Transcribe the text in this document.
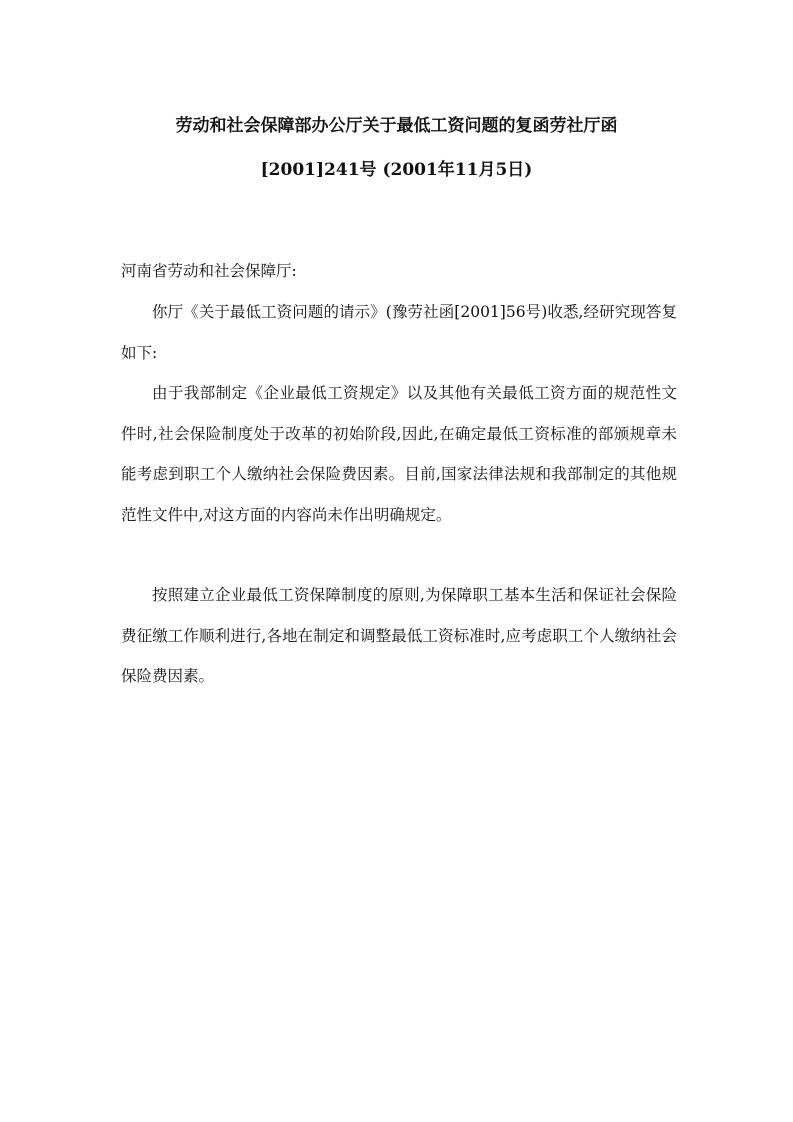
劳动和社会保障部办公厅关于最低工资问题的复函劳社厅函
[2001]241号 (2001年11月5日)

河南省劳动和社会保障厅:

你厅《关于最低工资问题的请示》(豫劳社函[2001]56号)收悉,经研究现答复如下:

由于我部制定《企业最低工资规定》以及其他有关最低工资方面的规范性文件时,社会保险制度处于改革的初始阶段,因此,在确定最低工资标准的部颁规章未能考虑到职工个人缴纳社会保险费因素。目前,国家法律法规和我部制定的其他规范性文件中,对这方面的内容尚未作出明确规定。

按照建立企业最低工资保障制度的原则,为保障职工基本生活和保证社会保险费征缴工作顺利进行,各地在制定和调整最低工资标准时,应考虑职工个人缴纳社会保险费因素。
